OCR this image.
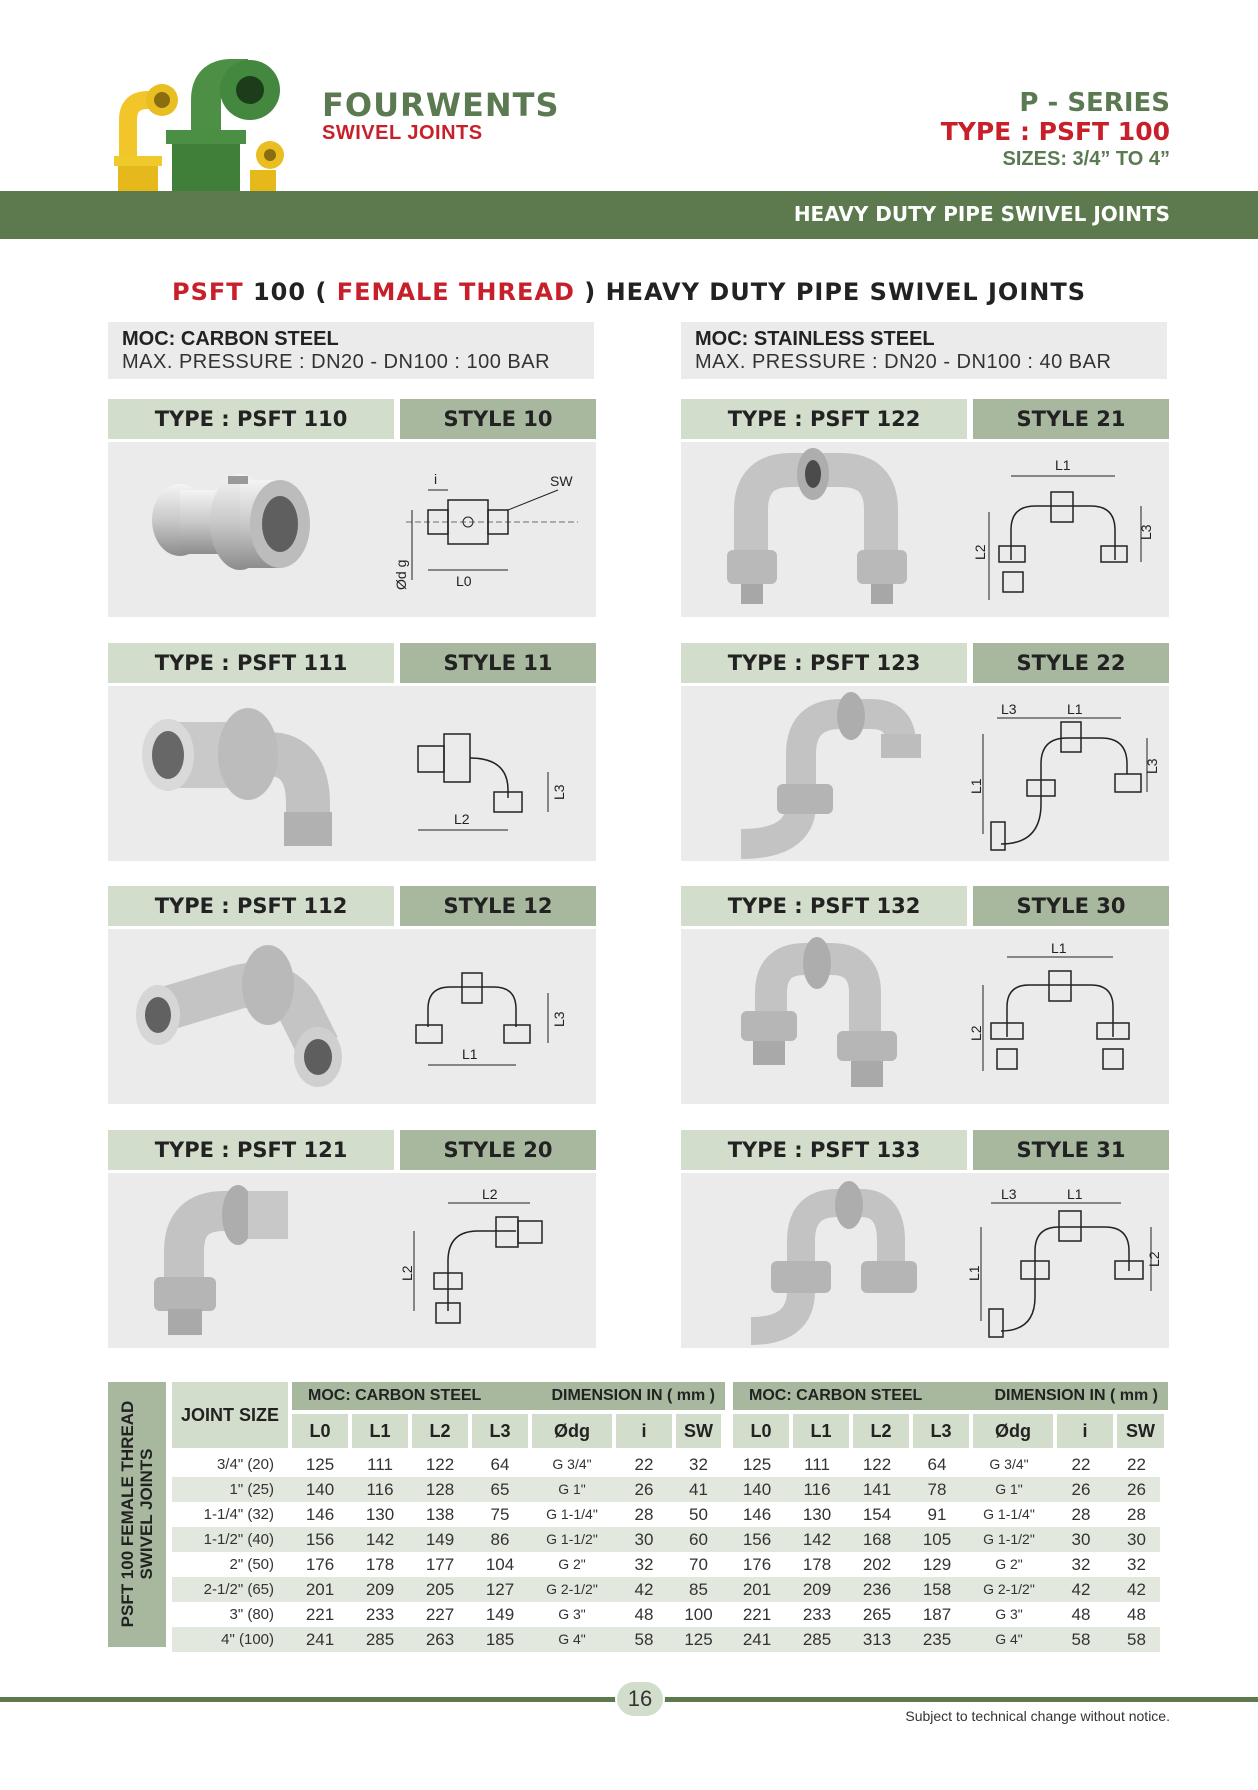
FOURWENTS
SWIVEL JOINTS
P - SERIES
TYPE : PSFT 100
SIZES: 3/4” TO 4”
HEAVY DUTY PIPE SWIVEL JOINTS
PSFT 100 ( FEMALE THREAD ) HEAVY DUTY PIPE SWIVEL JOINTS
MOC: CARBON STEEL
MAX. PRESSURE : DN20 - DN100 : 100 BAR
MOC: STAINLESS STEEL
MAX. PRESSURE : DN20 - DN100 : 40 BAR
TYPE : PSFT 110	STYLE 10
L0
i	SW
Ød g
TYPE : PSFT 122	STYLE 21
L1
L2
L3
TYPE : PSFT 111	STYLE 11
L2
L3
TYPE : PSFT 123	STYLE 22
L3	L1
L1
L3
TYPE : PSFT 112	STYLE 12
L1
L3
TYPE : PSFT 132	STYLE 30
L1
L2
TYPE : PSFT 121	STYLE 20
L2
L2
TYPE : PSFT 133	STYLE 31
L3	L1
L1
L2
PSFT 100 FEMALE THREAD SWIVEL JOINTS
JOINT SIZE
MOC: CARBON STEEL	DIMENSION IN ( mm ) MOC: CARBON STEEL	DIMENSION IN ( mm )
L0	L1	L2	L3	Ødg	i	SW	L0	L1	L2	L3	Ødg	i	SW
3/4" (20)	125	111	122	64	G 3/4"	22	32	125	111	122	64	G 3/4"	22	22
1" (25)	140	116	128	65	G 1"	26	41	140	116	141	78	G 1"	26	26
1-1/4" (32)	146	130	138	75	G 1-1/4"	28	50	146	130	154	91	G 1-1/4"	28	28
1-1/2" (40)	156	142	149	86	G 1-1/2"	30	60	156	142	168	105	G 1-1/2"	30	30
2" (50)	176	178	177	104	G 2"	32	70	176	178	202	129	G 2"	32	32
2-1/2" (65)	201	209	205	127	G 2-1/2"	42	85	201	209	236	158	G 2-1/2"	42	42
3" (80)	221	233	227	149	G 3"	48	100	221	233	265	187	G 3"	48	48
4" (100)	241	285	263	185	G 4"	58	125	241	285	313	235	G 4"	58	58
16
Subject to technical change without notice.
